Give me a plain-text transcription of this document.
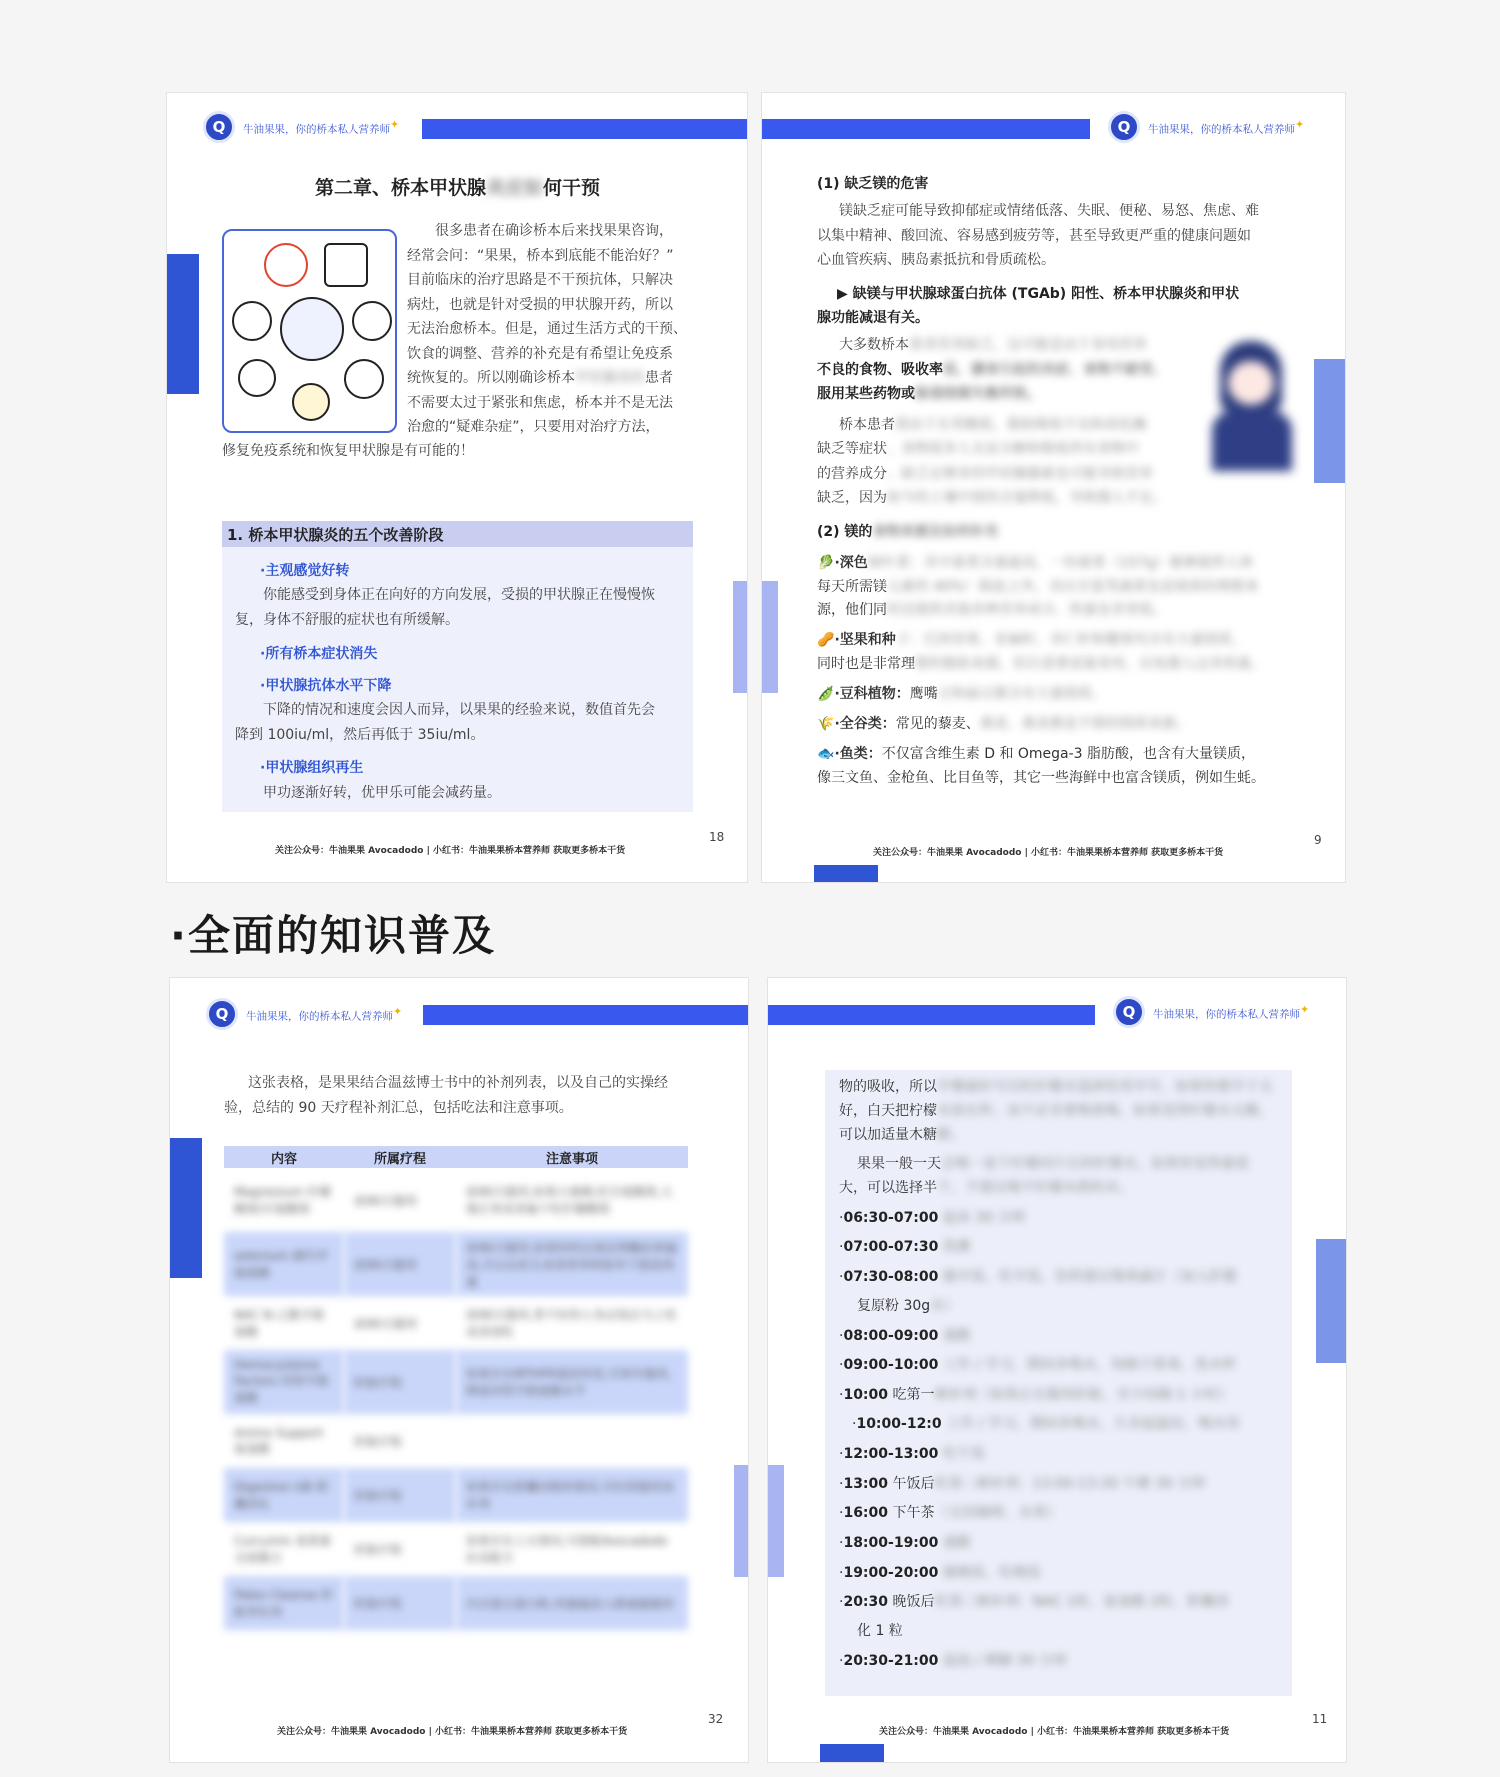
Q	牛油果果，你的桥本私人营养师✦
第二章、桥本甲状腺炎应如何干预
很多患者在确诊桥本后来找果果咨询，
经常会问：“果果，桥本到底能不能治好？”
目前临床的治疗思路是不干预抗体，只解决
病灶，也就是针对受损的甲状腺开药，所以
无法治愈桥本。但是，通过生活方式的干预、
饮食的调整、营养的补充是有希望让免疫系
统恢复的。所以刚确诊桥本甲状腺炎的患者
不需要太过于紧张和焦虑，桥本并不是无法
治愈的“疑难杂症”，只要用对治疗方法，
修复免疫系统和恢复甲状腺是有可能的！
1. 桥本甲状腺炎的五个改善阶段
·主观感觉好转
你能感受到身体正在向好的方向发展，受损的甲状腺正在慢慢恢
复，身体不舒服的症状也有所缓解。
·所有桥本症状消失
·甲状腺抗体水平下降
下降的情况和速度会因人而异，以果果的经验来说，数值首先会
降到 100iu/ml，然后再低于 35iu/ml。
·甲状腺组织再生
甲功逐渐好转，优甲乐可能会减药量。
关注公众号：牛油果果 Avocadodo | 小红书：牛油果果桥本营养师 获取更多桥本干货
18
Q	牛油果果，你的桥本私人营养师✦
(1) 缺乏镁的危害
镁缺乏症可能导致抑郁症或情绪低落、失眠、便秘、易怒、焦虑、难
以集中精神、酸回流、容易感到疲劳等，甚至导致更严重的健康问题如
心血管疾病、胰岛素抵抗和骨质疏松。
▶ 缺镁与甲状腺球蛋白抗体 (TGAb) 阳性、桥本甲状腺炎和甲状
腺功能减退有关。
大多数桥本患者营养缺乏，这可能是由于食用营养
不良的食物、吸收率低、膳食引起的炎症、食物不耐受、
服用某些药物或肠道细菌失衡所致。
桥本患者镁由于在胃酸低、脂肪吸收不良和消化酶
缺乏等症状，食物很多人无法分解和吸收所有食物中
的营养成分。缺乏足够多的甲状腺激素也可能导致营养
缺乏，因为如今的土壤中镁的含量降低，导致摄入不足。
(2) 镁的食物来源及如何补充
🥬·深色绿叶菜：其中菠菜含量最高，一份菠菜（157g）能够提供人体
每天所需镁元素的 40%！除此之外，羽衣甘蓝等蔬菜也是镁质的理想来
源，他们同时还提供其他多种营养成分、热量也非常低。
🥜·坚果和种子：巴西坚果、亚麻籽、杏仁籽和腰果均含有大量镁质，
同时也是非常理想的脂肪来源，但注意要适量食用，以免摄入过多热量。
🫛·豆科植物：鹰嘴豆和扁豆都含有大量镁质。
🌾·全谷类：常见的藜麦、燕麦、燕麦都是不错的镁质来源。
🐟·鱼类：不仅富含维生素 D 和 Omega-3 脂肪酸，也含有大量镁质，
像三文鱼、金枪鱼、比目鱼等，其它一些海鲜中也富含镁质，例如生蚝。
关注公众号：牛油果果 Avocadodo | 小红书：牛油果果桥本营养师 获取更多桥本干货
9
·全面的知识普及
Q	牛油果果，你的桥本私人营养师✦
这张表格，是果果结合温兹博士书中的补剂列表，以及自己的实操经
验，总结的 90 天疗程补剂汇总，包括吃法和注意事项。
内容	所属疗程	注意事项
Magnesium 柠檬酸镁/甘氨酸镁	前90天服用	前90天服用,如果大便稀,吃甘氨酸镁,大便正常或者偏干吃柠檬酸镁
selenium 硒代甲硫氨酸	前90天服用	前90天服用,如果你的过氧化物酶抗体偏高,可以在医生或者营养师指导下提高剂量
NAC N-乙酰半胱氨酸	前90天服用	前90天服用,胃不好的人务必饭后马上吃或者别吃
Homocysteine Factors 同型半胱氨酸	肝脏疗程	如果存在MTHFR基因突变,可常年服用,降低同型半胱氨酸水平
Amino Support 氨基酸	肝脏疗程	
Digestion GB 胆囊消化	肝脏疗程	如果存在胆囊切除的情况,可经常服用该补剂
Curcumin 姜黄素全部螯合	肝脏疗程	如果存在上火情况,可搭配Avocadodo抗炎配方
Paleo Cleanse 肝脏净化剂	肝脏疗程	内含蛋豆蛋白粉,用量偏高人群减量服用
关注公众号：牛油果果 Avocadodo | 小红书：牛油果果桥本营养师 获取更多桥本干货
32
Q	牛油果果，你的桥本私人营养师✦
物的吸收，所以早餐最好可以吃柠檬水选择饮用早早，如果你想早于太
好，白天把柠檬水放在杯，而不必非要喝着喝，如果觉得柠檬水太酸，
可以加适量木糖醇。
果果一般一天会喝一壶个柠檬同片后的柠檬水，如果你觉得量很
大，可以选择半个，不建议喝不柠檬水搭的水。
·06:30-07:00 起床 30 分钟
·07:00-07:30 洗漱
·07:30-08:00 做早饭、吃早饭，饮料建议喝果蔬汁（加入肝健
复原粉 30g水）
·08:00-09:00 通勤
·09:00-10:00 工作 / 学习，期间多喝水，每隔于排毒、洗水杯
·10:00 吃第一顿补剂（如果正在服用肝脏，至少间隔 1 小时）
·10:00-12:0 工作 / 学习，期间多喝水，久坐起猛站，喝水用
·12:00-13:00 吃午饭
·13:00 午饭后吃第二顿补剂：13:00-13:30 午睡 30 分钟
·16:00 下午茶（无因咖啡、水果）
·18:00-19:00 通勤
·19:00-20:00 做晚饭、吃晚饭
·20:30 晚饭后吃第三顿补剂：NAC 1粒、氨基酸 2粒、胆囊消
化 1 粒
·20:30-21:00 温泡 / 晒脚 30 分钟
关注公众号：牛油果果 Avocadodo | 小红书：牛油果果桥本营养师 获取更多桥本干货
11
